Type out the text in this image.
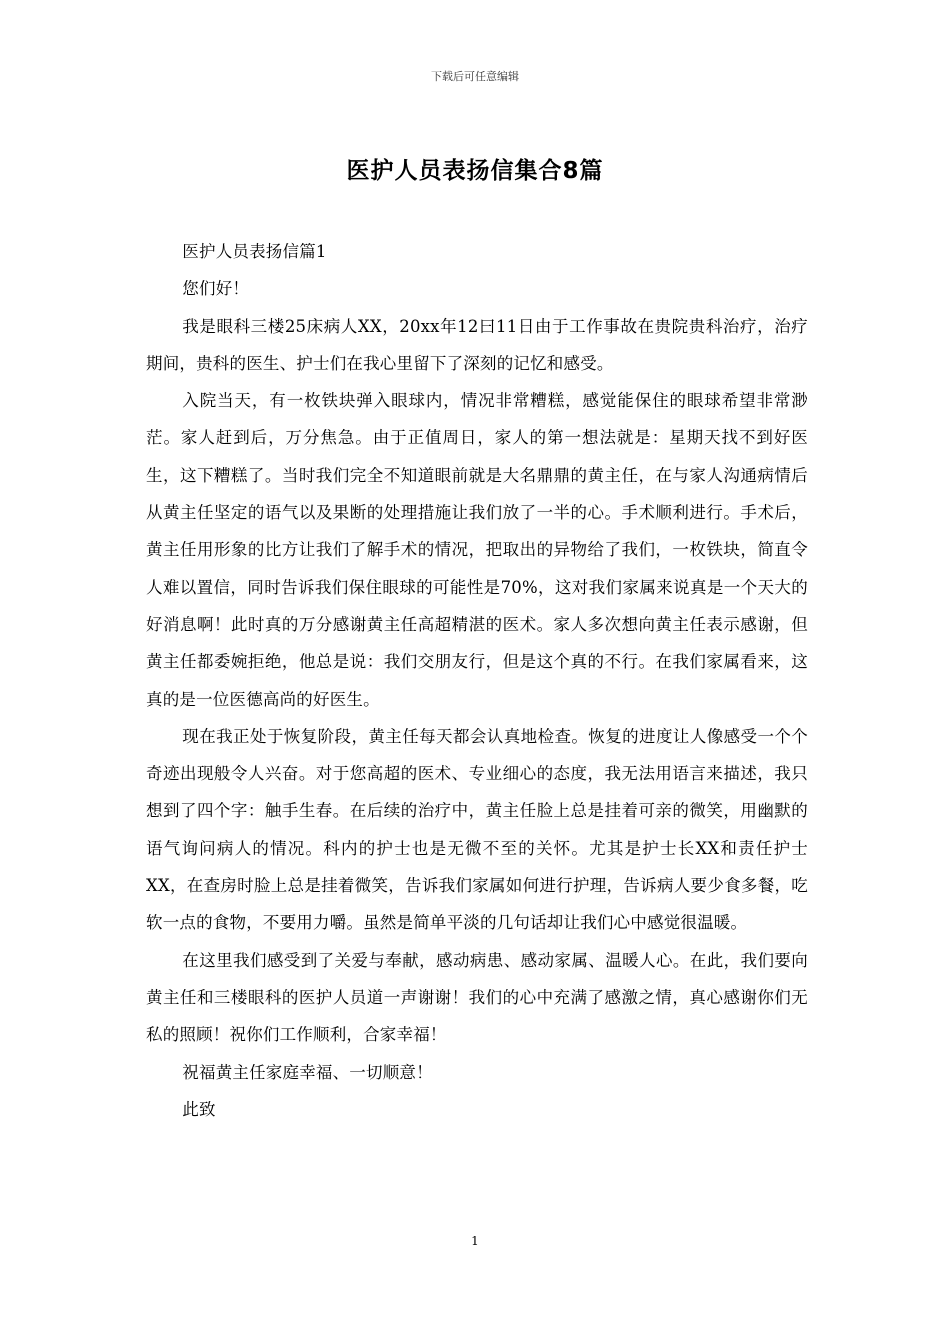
下载后可任意编辑
医护人员表扬信集合8篇

医护人员表扬信篇1

您们好！

我是眼科三楼25床病人XX，20xx年12曰11日由于工作事故在贵院贵科治疗，治疗期间，贵科的医生、护士们在我心里留下了深刻的记忆和感受。

入院当天，有一枚铁块弹入眼球内，情况非常糟糕，感觉能保住的眼球希望非常渺茫。家人赶到后，万分焦急。由于正值周日，家人的第一想法就是：星期天找不到好医生，这下糟糕了。当时我们完全不知道眼前就是大名鼎鼎的黄主任，在与家人沟通病情后从黄主任坚定的语气以及果断的处理措施让我们放了一半的心。手术顺利进行。手术后，黄主任用形象的比方让我们了解手术的情况，把取出的异物给了我们，一枚铁块，简直令人难以置信，同时告诉我们保住眼球的可能性是70%，这对我们家属来说真是一个天大的好消息啊！此时真的万分感谢黄主任高超精湛的医术。家人多次想向黄主任表示感谢，但黄主任都委婉拒绝，他总是说：我们交朋友行，但是这个真的不行。在我们家属看来，这真的是一位医德高尚的好医生。

现在我正处于恢复阶段，黄主任每天都会认真地检查。恢复的进度让人像感受一个个奇迹出现般令人兴奋。对于您高超的医术、专业细心的态度，我无法用语言来描述，我只想到了四个字：触手生春。在后续的治疗中，黄主任脸上总是挂着可亲的微笑，用幽默的语气询问病人的情况。科内的护士也是无微不至的关怀。尤其是护士长XX和责任护士XX，在查房时脸上总是挂着微笑，告诉我们家属如何进行护理，告诉病人要少食多餐，吃软一点的食物，不要用力嚼。虽然是简单平淡的几句话却让我们心中感觉很温暖。

在这里我们感受到了关爱与奉献，感动病患、感动家属、温暖人心。在此，我们要向黄主任和三楼眼科的医护人员道一声谢谢！我们的心中充满了感激之情，真心感谢你们无私的照顾！祝你们工作顺利，合家幸福！

祝福黄主任家庭幸福、一切顺意！

此致

1
